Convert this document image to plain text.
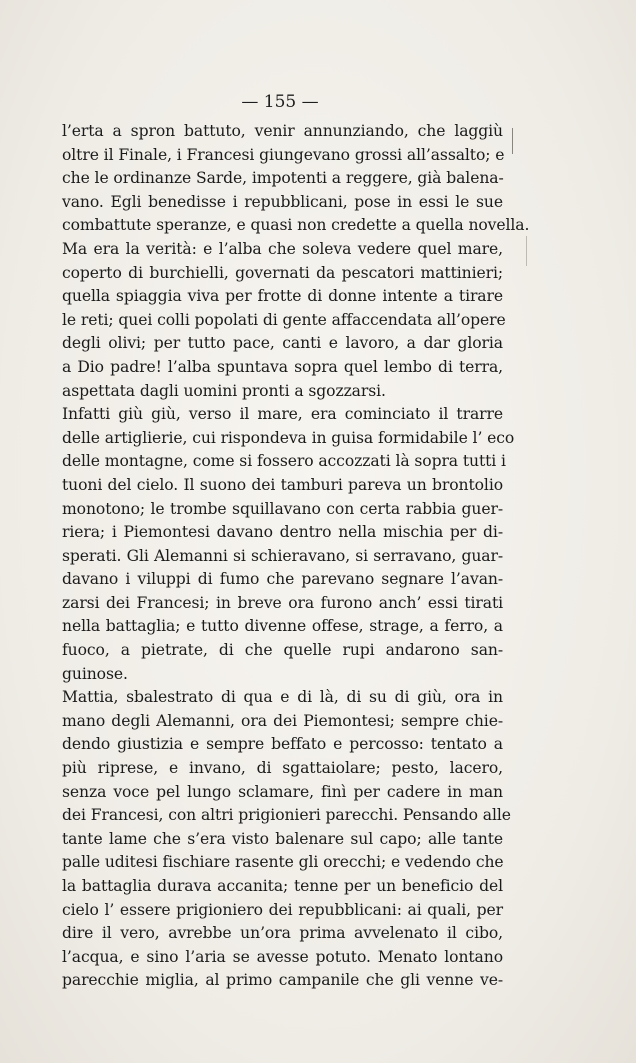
— 155 —
l’erta a spron battuto, venir annunziando, che laggiù
oltre il Finale, i Francesi giungevano grossi all’assalto; e
che le ordinanze Sarde, impotenti a reggere, già balena-
vano. Egli benedisse i repubblicani, pose in essi le sue
combattute speranze, e quasi non credette a quella novella.
Ma era la verità: e l’alba che soleva vedere quel mare,
coperto di burchielli, governati da pescatori mattinieri;
quella spiaggia viva per frotte di donne intente a tirare
le reti; quei colli popolati di gente affaccendata all’opere
degli olivi; per tutto pace, canti e lavoro, a dar gloria
a Dio padre! l’alba spuntava sopra quel lembo di terra,
aspettata dagli uomini pronti a sgozzarsi.
Infatti giù giù, verso il mare, era cominciato il trarre
delle artiglierie, cui rispondeva in guisa formidabile l’ eco
delle montagne, come si fossero accozzati là sopra tutti i
tuoni del cielo. Il suono dei tamburi pareva un brontolio
monotono; le trombe squillavano con certa rabbia guer-
riera; i Piemontesi davano dentro nella mischia per di-
sperati. Gli Alemanni si schieravano, si serravano, guar-
davano i viluppi di fumo che parevano segnare l’avan-
zarsi dei Francesi; in breve ora furono anch’ essi tirati
nella battaglia; e tutto divenne offese, strage, a ferro, a
fuoco, a pietrate, di che quelle rupi andarono san-
guinose.
Mattia, sbalestrato di qua e di là, di su di giù, ora in
mano degli Alemanni, ora dei Piemontesi; sempre chie-
dendo giustizia e sempre beffato e percosso: tentato a
più riprese, e invano, di sgattaiolare; pesto, lacero,
senza voce pel lungo sclamare, finì per cadere in man
dei Francesi, con altri prigionieri parecchi. Pensando alle
tante lame che s’era visto balenare sul capo; alle tante
palle uditesi fischiare rasente gli orecchi; e vedendo che
la battaglia durava accanita; tenne per un beneficio del
cielo l’ essere prigioniero dei repubblicani: ai quali, per
dire il vero, avrebbe un’ora prima avvelenato il cibo,
l’acqua, e sino l’aria se avesse potuto. Menato lontano
parecchie miglia, al primo campanile che gli venne ve-
